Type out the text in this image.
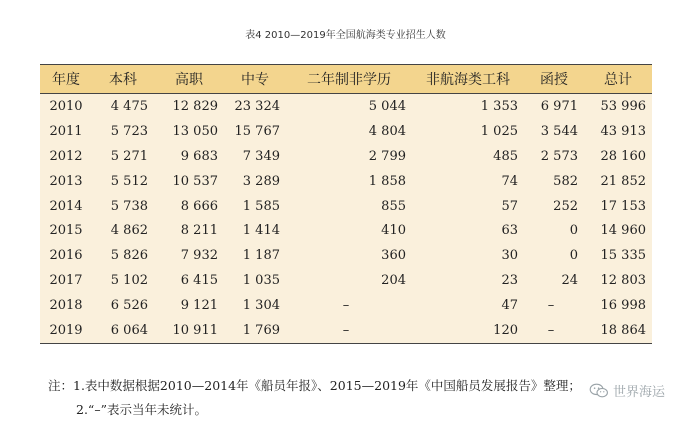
表4 2010—2019年全国航海类专业招生人数
年度	本科	高职	中专	二年制非学历	非航海类工科	函授	总计
2010	4 475	12 829	23 324	5 044	1 353	6 971	53 996
2011	5 723	13 050	15 767	4 804	1 025	3 544	43 913
2012	5 271	9 683	7 349	2 799	485	2 573	28 160
2013	5 512	10 537	3 289	1 858	74	582	21 852
2014	5 738	8 666	1 585	855	57	252	17 153
2015	4 862	8 211	1 414	410	63	0	14 960
2016	5 826	7 932	1 187	360	30	0	15 335
2017	5 102	6 415	1 035	204	23	24	12 803
2018	6 526	9 121	1 304	–	47	–	16 998
2019	6 064	10 911	1 769	–	120	–	18 864
注：1.表中数据根据2010—2014年《船员年报》、2015—2019年《中国船员发展报告》整理；
2.“–”表示当年未统计。
世界海运
